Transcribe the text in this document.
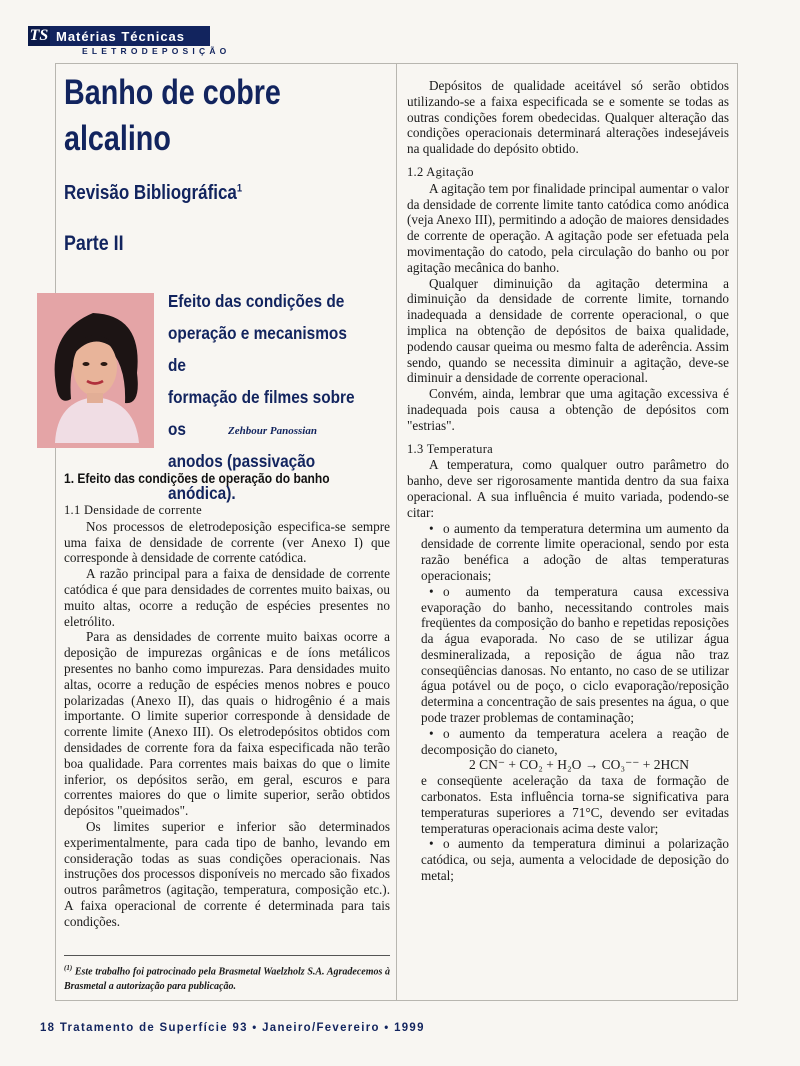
TS Matérias Técnicas
ELETRODEPOSIÇÃO
Banho de cobre
alcalino
Revisão Bibliográfica$^1$
Parte II
Efeito das condições de
operação e mecanismos de
formação de filmes sobre os
anodos (passivação anódica).
Zehbour Panossian
1. Efeito das condições de operação do banho

1.1 Densidade de corrente

Nos processos de eletrodeposição especifica-se sempre uma faixa de densidade de corrente (ver Anexo I) que corresponde à densidade de corrente catódica.

A razão principal para a faixa de densidade de corrente catódica é que para densidades de correntes muito baixas, ou muito altas, ocorre a redução de espécies presentes no eletrólito.

Para as densidades de corrente muito baixas ocorre a deposição de impurezas orgânicas e de íons metálicos presentes no banho como impurezas. Para densidades muito altas, ocorre a redução de espécies menos nobres e pouco polarizadas (Anexo II), das quais o hidrogênio é a mais importante. O limite superior corresponde à densidade de corrente limite (Anexo III). Os eletrodepósitos obtidos com densidades de corrente fora da faixa especificada não terão boa qualidade. Para correntes mais baixas do que o limite inferior, os depósitos serão, em geral, escuros e para correntes maiores do que o limite superior, serão obtidos depósitos "queimados".

Os limites superior e inferior são determinados experimentalmente, para cada tipo de banho, levando em consideração todas as suas condições operacionais. Nas instruções dos processos disponíveis no mercado são fixados outros parâmetros (agitação, temperatura, composição etc.). A faixa operacional de corrente é determinada para tais condições.

$^{(1)}$ Este trabalho foi patrocinado pela Brasmetal Waelzholz S.A. Agradecemos à Brasmetal a autorização para publicação.

Depósitos de qualidade aceitável só serão obtidos utilizando-se a faixa especificada se e somente se todas as outras condições forem obedecidas. Qualquer alteração das condições operacionais determinará alterações indesejáveis na qualidade do depósito obtido.

1.2 Agitação

A agitação tem por finalidade principal aumentar o valor da densidade de corrente limite tanto catódica como anódica (veja Anexo III), permitindo a adoção de maiores densidades de corrente de operação. A agitação pode ser efetuada pela movimentação do catodo, pela circulação do banho ou por agitação mecânica do banho.

Qualquer diminuição da agitação determina a diminuição da densidade de corrente limite, tornando inadequada a densidade de corrente operacional, o que implica na obtenção de depósitos de baixa qualidade, podendo causar queima ou mesmo falta de aderência. Assim sendo, quando se necessita diminuir a agitação, deve-se diminuir a densidade de corrente operacional.

Convém, ainda, lembrar que uma agitação excessiva é inadequada pois causa a obtenção de depósitos com "estrias".

1.3 Temperatura

A temperatura, como qualquer outro parâmetro do banho, deve ser rigorosamente mantida dentro da sua faixa operacional. A sua influência é muito variada, podendo-se citar:

• o aumento da temperatura determina um aumento da densidade de corrente limite operacional, sendo por esta razão benéfica a adoção de altas temperaturas operacionais;

• o aumento da temperatura causa excessiva evaporação do banho, necessitando controles mais freqüentes da composição do banho e repetidas reposições da água evaporada. No caso de se utilizar água desmineralizada, a reposição de água não traz conseqüências danosas. No entanto, no caso de se utilizar água potável ou de poço, o ciclo evaporação/reposição determina a concentração de sais presentes na água, o que pode trazer problemas de contaminação;

• o aumento da temperatura acelera a reação de decomposição do cianeto,

2 CN⁻ + CO₂ + H₂O → CO₃⁻⁻ + 2HCN

e conseqüente aceleração da taxa de formação de carbonatos. Esta influência torna-se significativa para temperaturas superiores a 71°C, devendo ser evitadas temperaturas operacionais acima deste valor;

• o aumento da temperatura diminui a polarização catódica, ou seja, aumenta a velocidade de deposição do metal;

18 Tratamento de Superfície 93 • Janeiro/Fevereiro • 1999
